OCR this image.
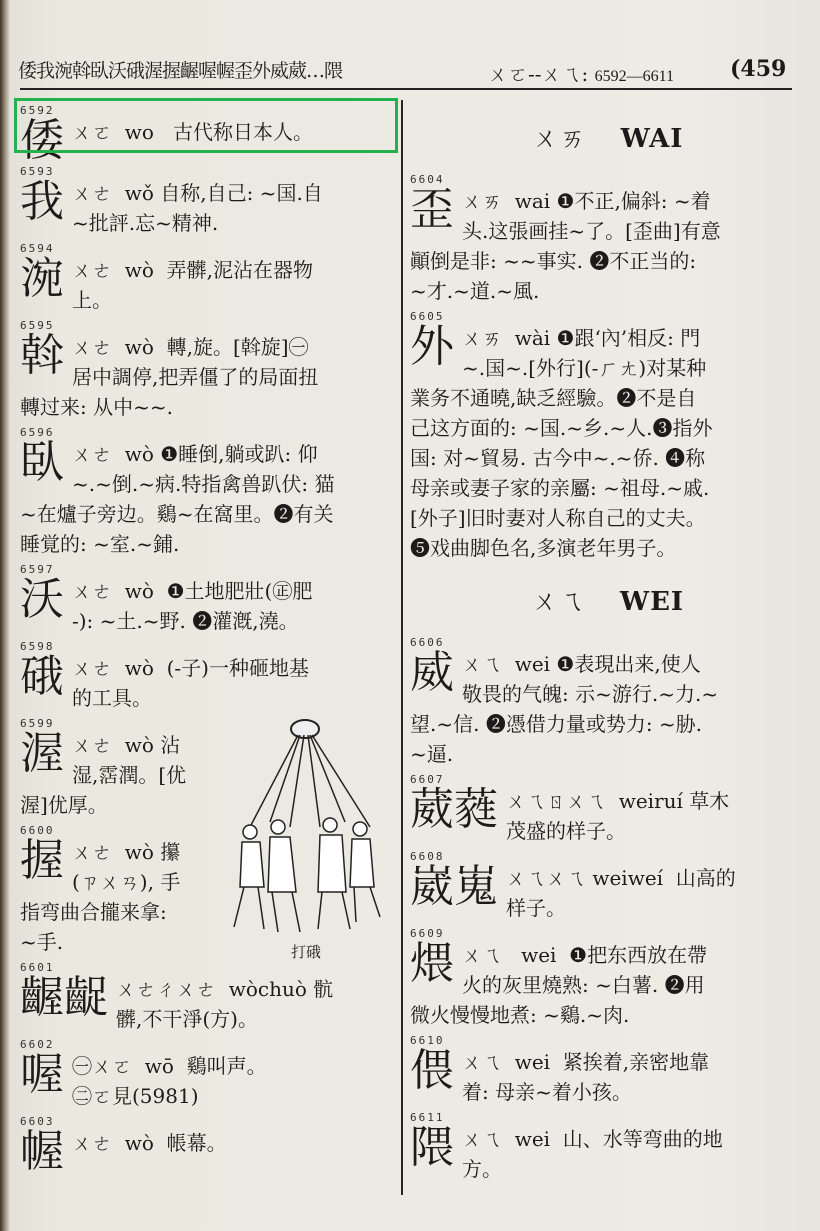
倭我涴斡臥沃硪渥握齷喔幄歪外威葳…隈	ㄨㄛ--ㄨㄟ: 6592—6611	(459
6592
倭 ㄨㄛ  wo   古代称日本人。
6593
我 ㄨㄜ  wǒ 自称,自己: ~国.自
~批評.忘~精神.
6594
涴 ㄨㄜ  wò  弄髒,泥沾在器物
上。
6595
斡 ㄨㄜ  wò  轉,旋。[斡旋]㊀
居中調停,把弄僵了的局面扭
轉过来: 从中~~.
6596
臥 ㄨㄜ  wò ❶睡倒,躺或趴: 仰
~.~倒.~病.特指禽兽趴伏: 猫
~在爐子旁边。鷄~在窩里。❷有关
睡覚的: ~室.~鋪.
6597
沃 ㄨㄜ  wò  ❶土地肥壯(㊣肥
-): ~土.~野. ❷灌漑,澆。
6598
硪 ㄨㄜ  wò  (-子)一种砸地基
的工具。
打硪
6599
渥 ㄨㄜ  wò 沾
湿,霑潤。[优
渥]优厚。
6600
握 ㄨㄜ  wò 攥
(ㄗㄨㄢ), 手
指弯曲合攏来拿:
~手.
6601
齷齪 ㄨㄜㄔㄨㄜ  wòchuò 骯
髒,不干淨(方)。
6602
喔 ㊀ㄨㄛ  wō  鷄叫声。
㊁ㄛ見(5981)
6603
幄 ㄨㄜ  wò  帳幕。
ㄨㄞ WAI
6604
歪 ㄨㄞ  wai ❶不正,偏斜: ~着
头.这張画挂~了。[歪曲]有意
顚倒是非: ~~事实. ❷不正当的:
~才.~道.~風.
6605
外 ㄨㄞ  wài ❶跟‘內’相反: 門
~.国~.[外行](-ㄏㄤ)对某种
業务不通曉,缺乏經驗。❷不是自
己这方面的: ~国.~乡.~人.❸指外
国: 对~貿易. 古今中~.~侨. ❹称
母亲或妻子家的亲屬: ~祖母.~戚.
[外子]旧时妻对人称自己的丈夫。
❺戏曲脚色名,多演老年男子。
ㄨㄟ WEI
6606
威 ㄨㄟ  wei ❶表現出来,使人
敬畏的气魄: 示~游行.~力.~
望.~信. ❷憑借力量或势力: ~胁.
~逼.
6607
葳蕤 ㄨㄟㄖㄨㄟ  weiruí 草木
茂盛的样子。
6608
崴嵬 ㄨㄟㄨㄟ weiweí  山高的
样子。
6609
煨 ㄨㄟ   wei  ❶把东西放在帶
火的灰里燒熟: ~白薯. ❷用
微火慢慢地煮: ~鷄.~肉.
6610
偎 ㄨㄟ  wei  紧挨着,亲密地靠
着: 母亲~着小孩。
6611
隈 ㄨㄟ  wei  山、水等弯曲的地
方。
